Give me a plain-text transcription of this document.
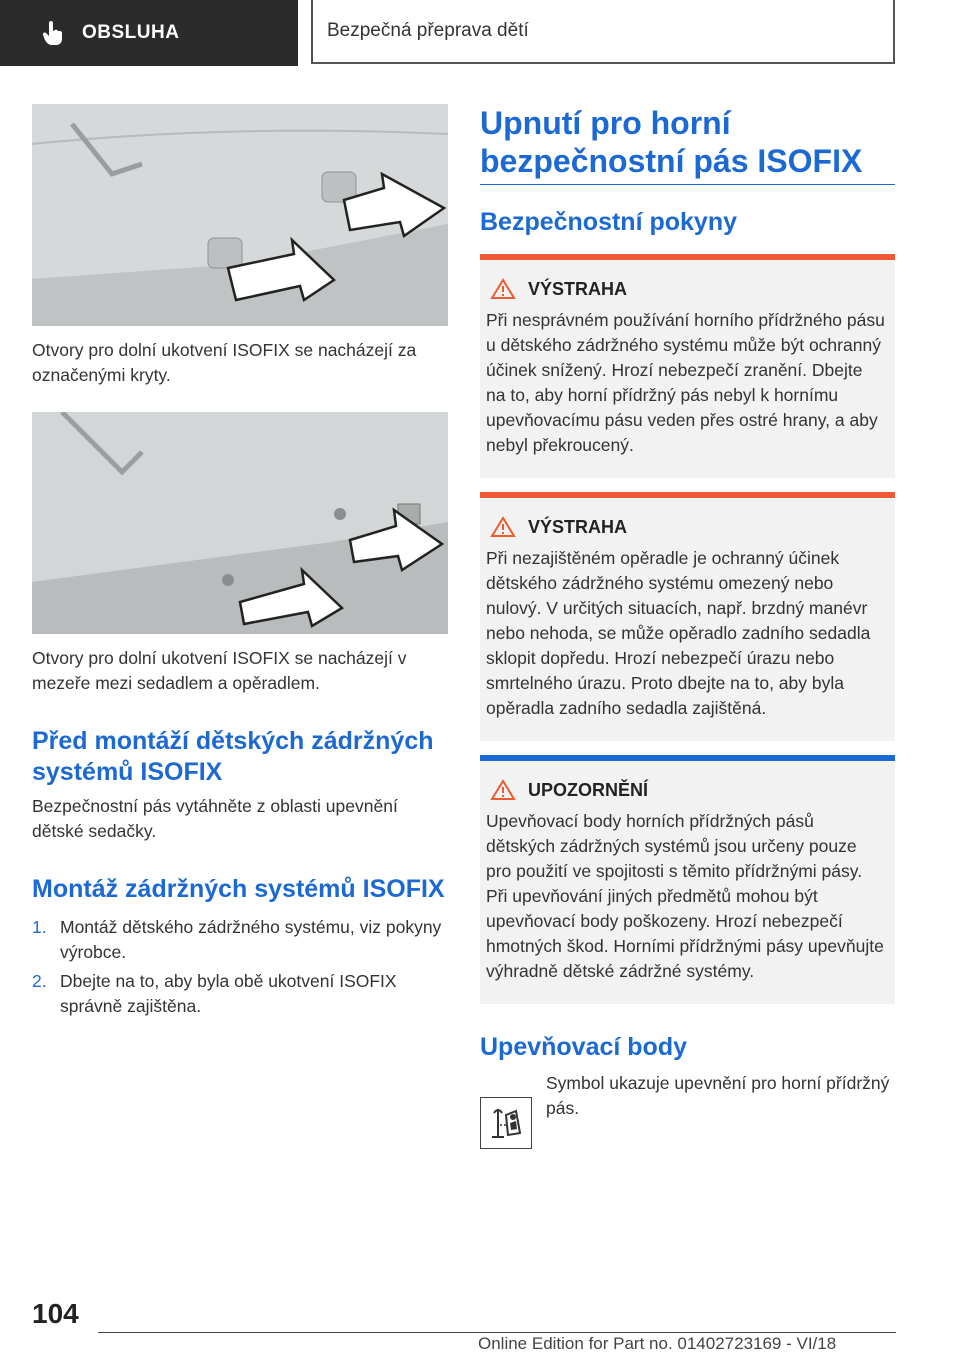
OBSLUHA	Bezpečná přeprava dětí
Otvory pro dolní ukotvení ISOFIX se nacházejí za označenými kryty.
Otvory pro dolní ukotvení ISOFIX se nacházejí v mezeře mezi sedadlem a opěradlem.
Před montáží dětských zádržných systémů ISOFIX

Bezpečnostní pás vytáhněte z oblasti upevnění dětské sedačky.

Montáž zádržných systémů ISOFIX
1. Montáž dětského zádržného systému, viz pokyny výrobce.
2. Dbejte na to, aby byla obě ukotvení ISOFIX správně zajištěna.
Upnutí pro horní bezpečnostní pás ISOFIX
Bezpečnostní pokyny
VÝSTRAHA
Při nesprávném používání horního přídržného pásu u dětského zádržného systému může být ochranný účinek snížený. Hrozí nebezpečí zranění. Dbejte na to, aby horní přídržný pás nebyl k hornímu upevňovacímu pásu veden přes ostré hrany, a aby nebyl překroucený.
VÝSTRAHA
Při nezajištěném opěradle je ochranný účinek dětského zádržného systému omezený nebo nulový. V určitých situacích, např. brzdný manévr nebo nehoda, se může opěradlo zadního sedadla sklopit dopředu. Hrozí nebezpečí úrazu nebo smrtelného úrazu. Proto dbejte na to, aby byla opěradla zadního sedadla zajištěná.
UPOZORNĚNÍ
Upevňovací body horních přídržných pásů dětských zádržných systémů jsou určeny pouze pro použití ve spojitosti s těmito přídržnými pásy. Při upevňování jiných předmětů mohou být upevňovací body poškozeny. Hrozí nebezpečí hmotných škod. Horními přídržnými pásy upevňujte výhradně dětské zádržné systémy.
Upevňovací body
Symbol ukazuje upevnění pro horní přídržný pás.
104
Online Edition for Part no. 01402723169 - VI/18
